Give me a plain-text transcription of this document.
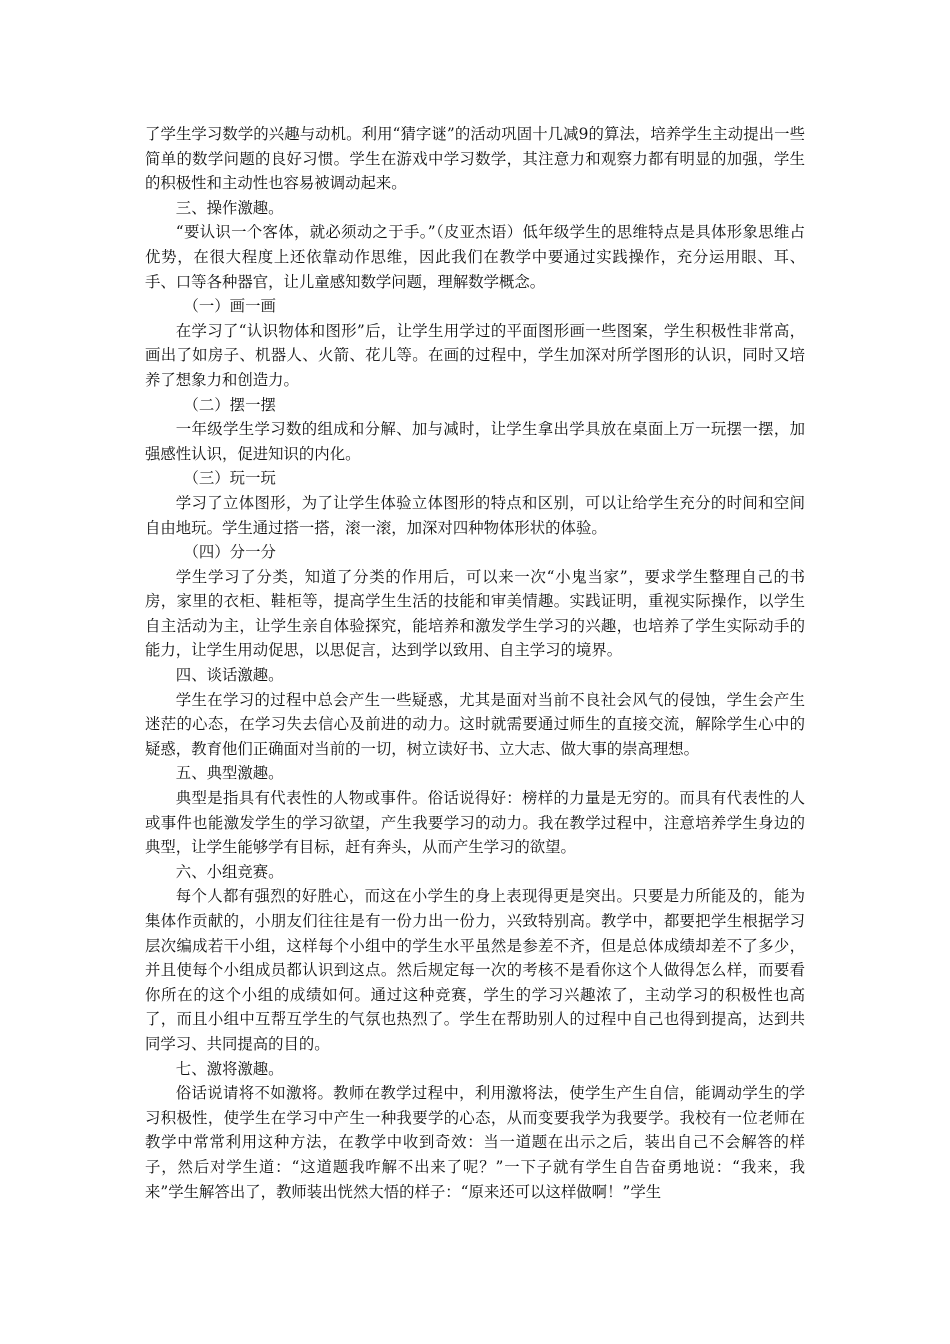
了学生学习数学的兴趣与动机。利用“猜字谜”的活动巩固十几减9的算法，培养学生主动提出一些简单的数学问题的良好习惯。学生在游戏中学习数学，其注意力和观察力都有明显的加强，学生的积极性和主动性也容易被调动起来。

三、操作激趣。

“要认识一个客体，就必须动之于手。”（皮亚杰语）低年级学生的思维特点是具体形象思维占优势，在很大程度上还依靠动作思维，因此我们在教学中要通过实践操作，充分运用眼、耳、手、口等各种器官，让儿童感知数学问题，理解数学概念。

（一）画一画

在学习了“认识物体和图形”后，让学生用学过的平面图形画一些图案，学生积极性非常高，画出了如房子、机器人、火箭、花儿等。在画的过程中，学生加深对所学图形的认识，同时又培养了想象力和创造力。

（二）摆一摆

一年级学生学习数的组成和分解、加与减时，让学生拿出学具放在桌面上万一玩摆一摆，加强感性认识，促进知识的内化。

（三）玩一玩

学习了立体图形，为了让学生体验立体图形的特点和区别，可以让给学生充分的时间和空间自由地玩。学生通过搭一搭，滚一滚，加深对四种物体形状的体验。

（四）分一分

学生学习了分类，知道了分类的作用后，可以来一次“小鬼当家”，要求学生整理自己的书房，家里的衣柜、鞋柜等，提高学生生活的技能和审美情趣。实践证明，重视实际操作，以学生自主活动为主，让学生亲自体验探究，能培养和激发学生学习的兴趣，也培养了学生实际动手的能力，让学生用动促思，以思促言，达到学以致用、自主学习的境界。

四、谈话激趣。

学生在学习的过程中总会产生一些疑惑，尤其是面对当前不良社会风气的侵蚀，学生会产生迷茫的心态，在学习失去信心及前进的动力。这时就需要通过师生的直接交流，解除学生心中的疑惑，教育他们正确面对当前的一切，树立读好书、立大志、做大事的崇高理想。

五、典型激趣。

典型是指具有代表性的人物或事件。俗话说得好：榜样的力量是无穷的。而具有代表性的人或事件也能激发学生的学习欲望，产生我要学习的动力。我在教学过程中，注意培养学生身边的典型，让学生能够学有目标，赶有奔头，从而产生学习的欲望。

六、小组竞赛。

每个人都有强烈的好胜心，而这在小学生的身上表现得更是突出。只要是力所能及的，能为集体作贡献的，小朋友们往往是有一份力出一份力，兴致特别高。教学中，都要把学生根据学习层次编成若干小组，这样每个小组中的学生水平虽然是参差不齐，但是总体成绩却差不了多少，并且使每个小组成员都认识到这点。然后规定每一次的考核不是看你这个人做得怎么样，而要看你所在的这个小组的成绩如何。通过这种竞赛，学生的学习兴趣浓了，主动学习的积极性也高了，而且小组中互帮互学生的气氛也热烈了。学生在帮助别人的过程中自己也得到提高，达到共同学习、共同提高的目的。

七、激将激趣。

俗话说请将不如激将。教师在教学过程中，利用激将法，使学生产生自信，能调动学生的学习积极性，使学生在学习中产生一种我要学的心态，从而变要我学为我要学。我校有一位老师在教学中常常利用这种方法，在教学中收到奇效：当一道题在出示之后，装出自己不会解答的样子，然后对学生道：“这道题我咋解不出来了呢？”一下子就有学生自告奋勇地说：“我来，我来”学生解答出了，教师装出恍然大悟的样子：“原来还可以这样做啊！”学生
